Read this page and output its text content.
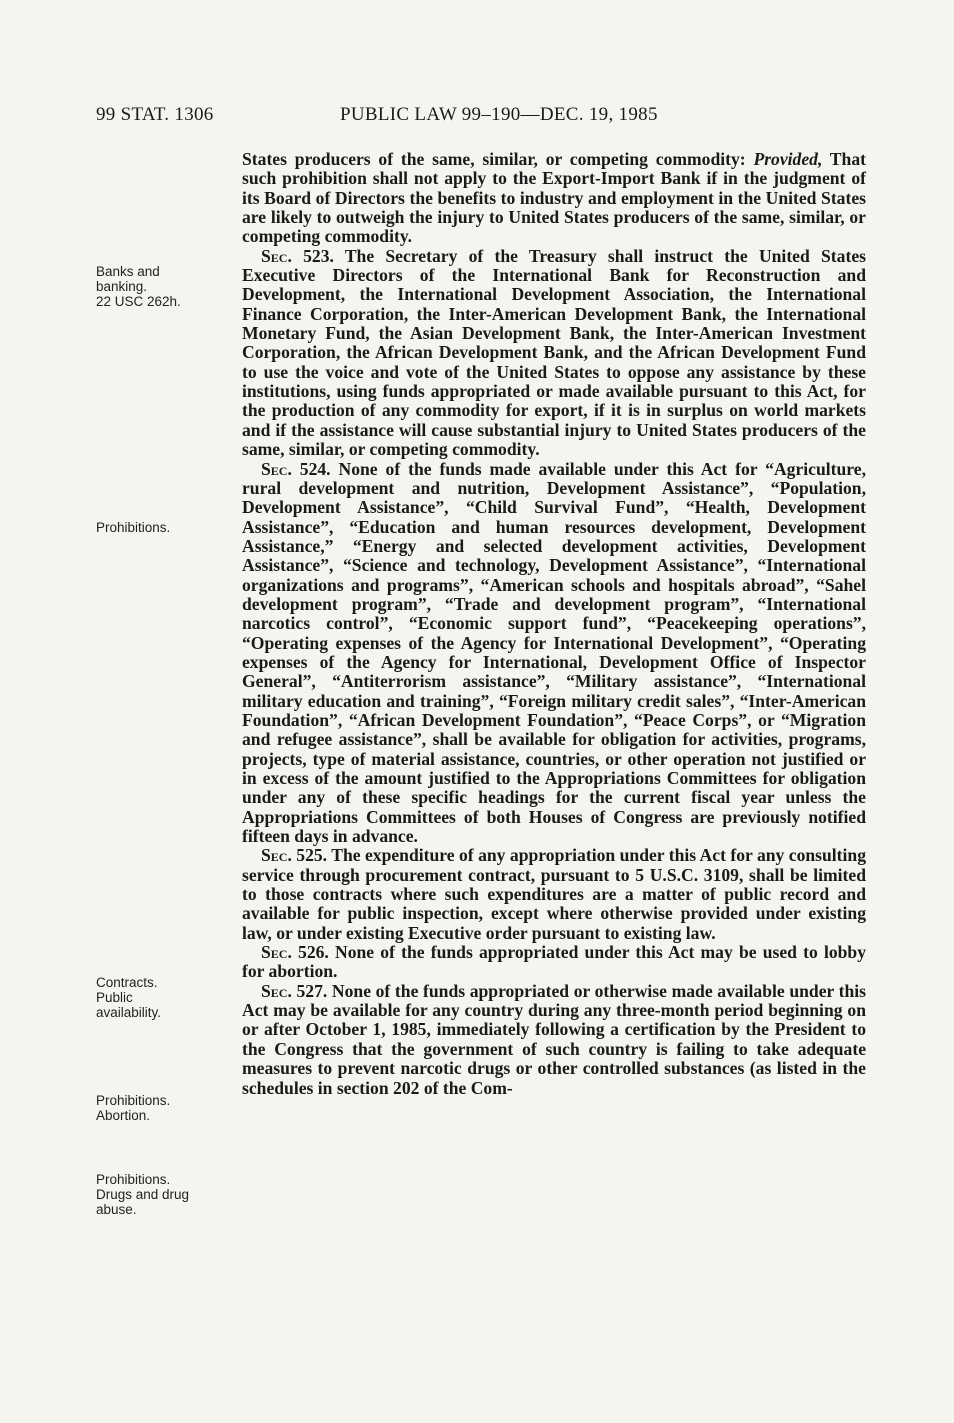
99 STAT. 1306	PUBLIC LAW 99–190—DEC. 19, 1985
Banks and
banking.
22 USC 262h.
Prohibitions.
Contracts.
Public
availability.
Prohibitions.
Abortion.
Prohibitions.
Drugs and drug
abuse.

States producers of the same, similar, or competing commodity: Provided, That such prohibition shall not apply to the Export-Import Bank if in the judgment of its Board of Directors the benefits to industry and employment in the United States are likely to outweigh the injury to United States producers of the same, similar, or competing commodity.

Sec. 523. The Secretary of the Treasury shall instruct the United States Executive Directors of the International Bank for Reconstruction and Development, the International Development Association, the International Finance Corporation, the Inter-American Development Bank, the International Monetary Fund, the Asian Development Bank, the Inter-American Investment Corporation, the African Development Bank, and the African Development Fund to use the voice and vote of the United States to oppose any assistance by these institutions, using funds appropriated or made available pursuant to this Act, for the production of any commodity for export, if it is in surplus on world markets and if the assistance will cause substantial injury to United States producers of the same, similar, or competing commodity.

Sec. 524. None of the funds made available under this Act for “Agriculture, rural development and nutrition, Development Assistance”, “Population, Development Assistance”, “Child Survival Fund”, “Health, Development Assistance”, “Education and human resources development, Development Assistance,” “Energy and selected development activities, Development Assistance”, “Science and technology, Development Assistance”, “International organizations and programs”, “American schools and hospitals abroad”, “Sahel development program”, “Trade and development program”, “International narcotics control”, “Economic support fund”, “Peacekeeping operations”, “Operating expenses of the Agency for International Development”, “Operating expenses of the Agency for International, Development Office of Inspector General”, “Antiterrorism assistance”, “Military assistance”, “International military education and training”, “Foreign military credit sales”, “Inter-American Foundation”, “African Development Foundation”, “Peace Corps”, or “Migration and refugee assistance”, shall be available for obligation for activities, programs, projects, type of material assistance, countries, or other operation not justified or in excess of the amount justified to the Appropriations Committees for obligation under any of these specific headings for the current fiscal year unless the Appropriations Committees of both Houses of Congress are previously notified fifteen days in advance.

Sec. 525. The expenditure of any appropriation under this Act for any consulting service through procurement contract, pursuant to 5 U.S.C. 3109, shall be limited to those contracts where such expenditures are a matter of public record and available for public inspection, except where otherwise provided under existing law, or under existing Executive order pursuant to existing law.

Sec. 526. None of the funds appropriated under this Act may be used to lobby for abortion.

Sec. 527. None of the funds appropriated or otherwise made available under this Act may be available for any country during any three-month period beginning on or after October 1, 1985, immediately following a certification by the President to the Congress that the government of such country is failing to take adequate measures to prevent narcotic drugs or other controlled substances (as listed in the schedules in section 202 of the Com-
